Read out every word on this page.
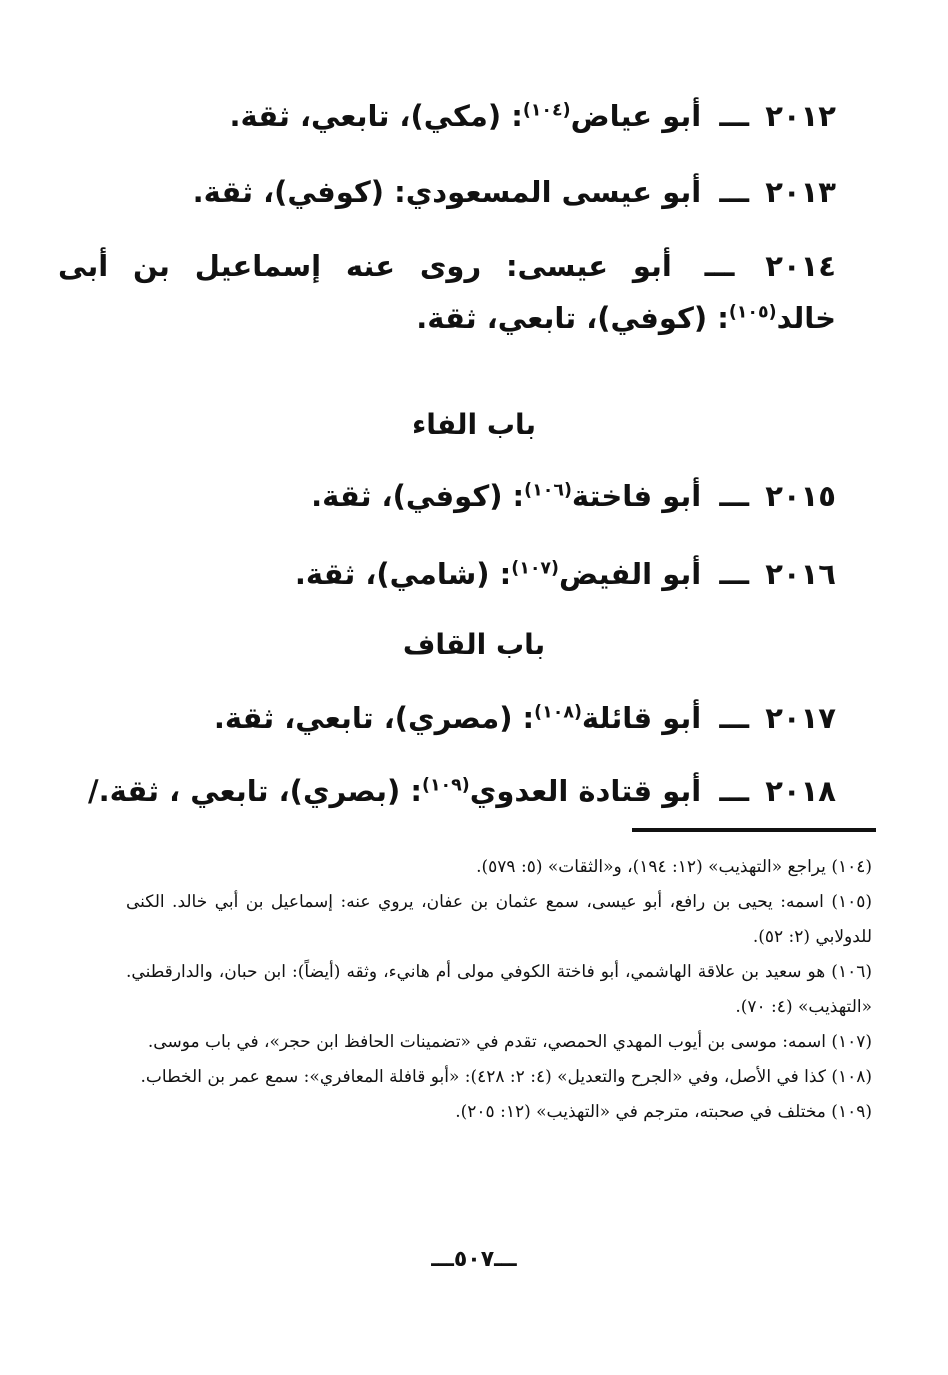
٢٠١٢ ـــ أبو عياض$^{(١٠٤)}$: (مكي)، تابعي، ثقة.
٢٠١٣ ـــ أبو عيسى المسعودي: (كوفي)، ثقة.
٢٠١٤ ـــ أبو عيسى: روى عنه إسماعيل بن أبى خالد$^{(١٠٥)}$: (كوفي)، تابعي، ثقة.
باب الفاء
٢٠١٥ ـــ أبو فاختة$^{(١٠٦)}$: (كوفي)، ثقة.
٢٠١٦ ـــ أبو الفيض$^{(١٠٧)}$: (شامي)، ثقة.
باب القاف
٢٠١٧ ـــ أبو قائلة$^{(١٠٨)}$: (مصري)، تابعي، ثقة.
٢٠١٨ ـــ أبو قتادة العدوي$^{(١٠٩)}$: (بصري)، تابعي ، ثقة./

(١٠٤) يراجع «التهذيب» (١٢: ١٩٤)، و«الثقات» (٥: ٥٧٩).

(١٠٥) اسمه: يحيى بن رافع، أبو عيسى، سمع عثمان بن عفان، يروي عنه: إسماعيل بن أبي خالد. الكنى للدولابي (٢: ٥٢).

(١٠٦) هو سعيد بن علاقة الهاشمي، أبو فاختة الكوفي مولى أم هانيء، وثقه (أيضاً): ابن حبان، والدارقطني. «التهذيب» (٤: ٧٠).

(١٠٧) اسمه: موسى بن أيوب المهدي الحمصي، تقدم في «تضمينات الحافظ ابن حجر»، في باب موسى.

(١٠٨) كذا في الأصل، وفي «الجرح والتعديل» (٤: ٢: ٤٢٨): «أبو قافلة المعافري»: سمع عمر بن الخطاب.

(١٠٩) مختلف في صحبته، مترجم في «التهذيب» (١٢: ٢٠٥).

ـــ٥٠٧ـــ
